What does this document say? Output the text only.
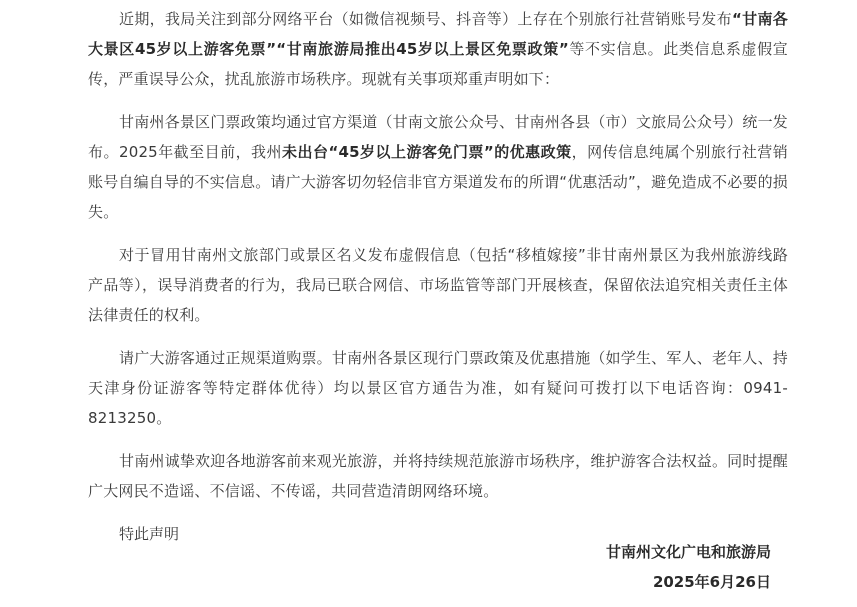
近期，我局关注到部分网络平台（如微信视频号、抖音等）上存在个别旅行社营销账号发布“甘南各大景区45岁以上游客免票”“甘南旅游局推出45岁以上景区免票政策”等不实信息。此类信息系虚假宣传，严重误导公众，扰乱旅游市场秩序。现就有关事项郑重声明如下：

甘南州各景区门票政策均通过官方渠道（甘南文旅公众号、甘南州各县（市）文旅局公众号）统一发布。2025年截至目前，我州未出台“45岁以上游客免门票”的优惠政策，网传信息纯属个别旅行社营销账号自编自导的不实信息。请广大游客切勿轻信非官方渠道发布的所谓“优惠活动”，避免造成不必要的损失。

对于冒用甘南州文旅部门或景区名义发布虚假信息（包括“移植嫁接”非甘南州景区为我州旅游线路产品等），误导消费者的行为，我局已联合网信、市场监管等部门开展核查，保留依法追究相关责任主体法律责任的权利。

请广大游客通过正规渠道购票。甘南州各景区现行门票政策及优惠措施（如学生、军人、老年人、持天津身份证游客等特定群体优待）均以景区官方通告为准，如有疑问可拨打以下电话咨询：0941-8213250。

甘南州诚挚欢迎各地游客前来观光旅游，并将持续规范旅游市场秩序，维护游客合法权益。同时提醒广大网民不造谣、不信谣、不传谣，共同营造清朗网络环境。

特此声明

甘南州文化广电和旅游局
2025年6月26日
